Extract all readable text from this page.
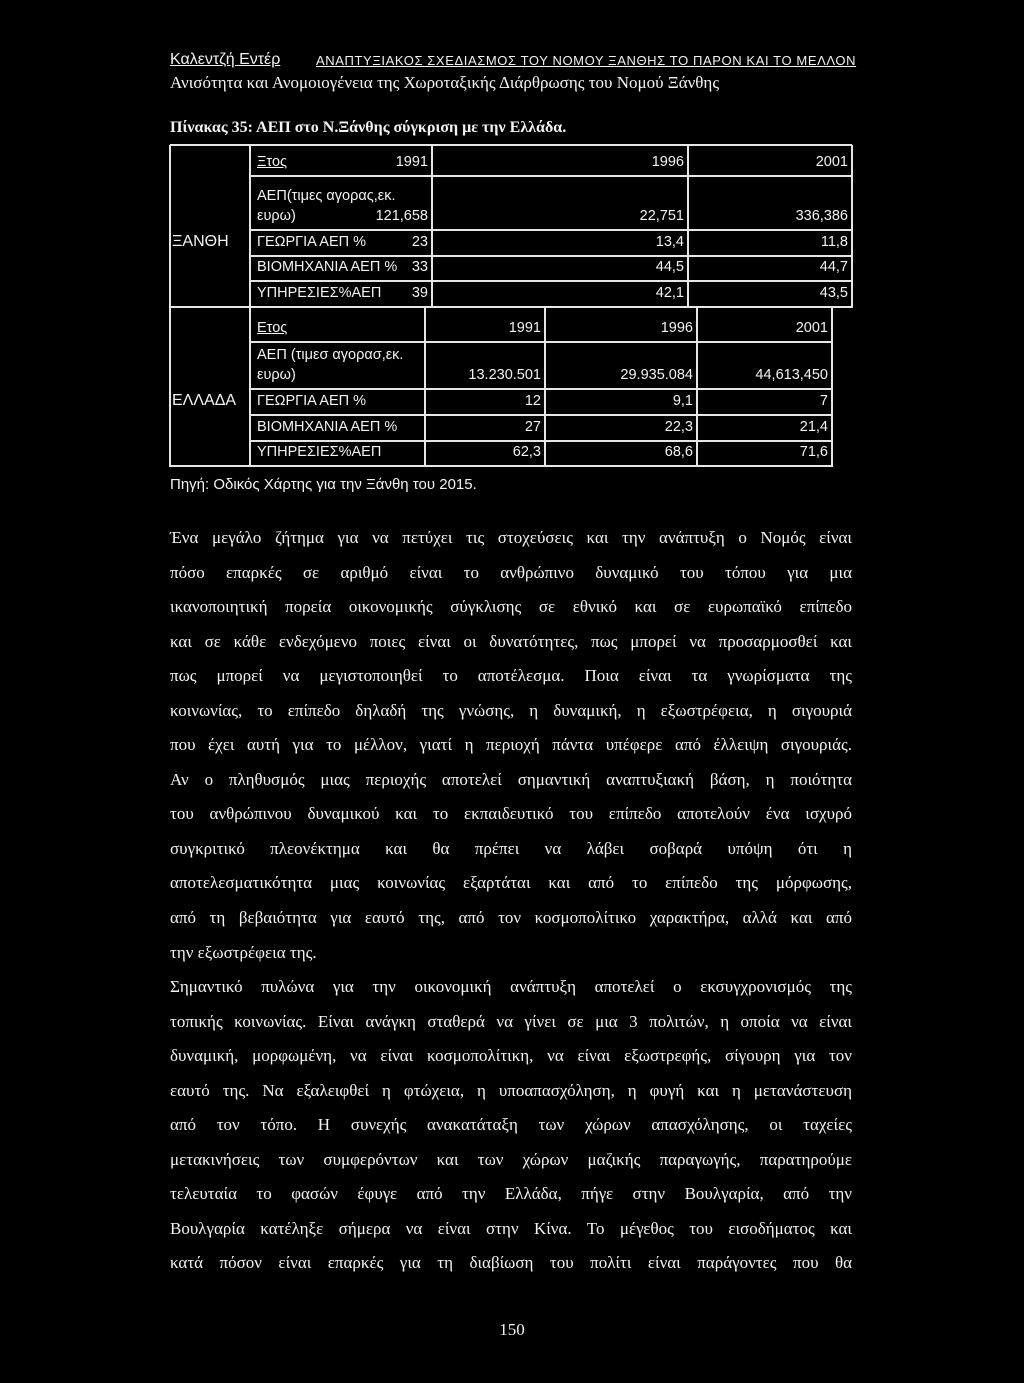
Καλεντζή Εντέρ	ΑΝΑΠΤΥΞΙΑΚΟΣ ΣΧΕΔΙΑΣΜΟΣ ΤΟΥ ΝΟΜΟΥ ΞΑΝΘΗΣ ΤΟ ΠΑΡΟΝ ΚΑΙ ΤΟ ΜΕΛΛΟΝ
Ανισότητα και Ανομοιογένεια της Χωροταξικής Διάρθρωσης του Νομού Ξάνθης
Πίνακας 35: ΑΕΠ στο Ν.Ξάνθης σύγκριση με την Ελλάδα.
ΞΑΝΘΗ
Ξτος	1991	1996	2001
ΑΕΠ(τιμες αγορας,εκ.
ευρω)	121,658	22,751	336,386
ΓΕΩΡΓΙΑ ΑΕΠ %	23	13,4	11,8
ΒΙΟΜΗΧΑΝΙΑ ΑΕΠ % 33	44,5	44,7
ΥΠΗΡΕΣΙΕΣ%ΑΕΠ 39	42,1	43,5
ΕΛΛΑΔΑ
Ετος	1991	1996	2001
ΑΕΠ (τιμεσ αγορασ,εκ.
ευρω)	13.230.501	29.935.084	44,613,450
ΓΕΩΡΓΙΑ ΑΕΠ %	12	9,1	7
ΒΙΟΜΗΧΑΝΙΑ ΑΕΠ %	27	22,3	21,4
ΥΠΗΡΕΣΙΕΣ%ΑΕΠ	62,3	68,6	71,6
Πηγή: Οδικός Χάρτης για την Ξάνθη του 2015.
Ένα μεγάλο ζήτημα για να πετύχει τις στοχεύσεις και την ανάπτυξη ο Νομός είναι
πόσο επαρκές σε αριθμό είναι το ανθρώπινο δυναμικό του τόπου για μια
ικανοποιητική πορεία οικονομικής σύγκλισης σε εθνικό και σε ευρωπαϊκό επίπεδο
και σε κάθε ενδεχόμενο ποιες είναι οι δυνατότητες, πως μπορεί να προσαρμοσθεί και
πως μπορεί να μεγιστοποιηθεί το αποτέλεσμα. Ποια είναι τα γνωρίσματα της
κοινωνίας, το επίπεδο δηλαδή της γνώσης, η δυναμική, η εξωστρέφεια, η σιγουριά
που έχει αυτή για το μέλλον, γιατί η περιοχή πάντα υπέφερε από έλλειψη σιγουριάς.
Αν ο πληθυσμός μιας περιοχής αποτελεί σημαντική αναπτυξιακή βάση, η ποιότητα
του ανθρώπινου δυναμικού και το εκπαιδευτικό του επίπεδο αποτελούν ένα ισχυρό
συγκριτικό πλεονέκτημα και θα πρέπει να λάβει σοβαρά υπόψη ότι η
αποτελεσματικότητα μιας κοινωνίας εξαρτάται και από το επίπεδο της μόρφωσης,
από τη βεβαιότητα για εαυτό της, από τον κοσμοπολίτικο χαρακτήρα, αλλά και από
την εξωστρέφεια της.
Σημαντικό πυλώνα για την οικονομική ανάπτυξη αποτελεί ο εκσυγχρονισμός της
τοπικής κοινωνίας. Είναι ανάγκη σταθερά να γίνει σε μια 3 πολιτών, η οποία να είναι
δυναμική, μορφωμένη, να είναι κοσμοπολίτικη, να είναι εξωστρεφής, σίγουρη για τον
εαυτό της. Να εξαλειφθεί η φτώχεια, η υποαπασχόληση, η φυγή και η μετανάστευση
από τον τόπο. Η συνεχής ανακατάταξη των χώρων απασχόλησης, οι ταχείες
μετακινήσεις των συμφερόντων και των χώρων μαζικής παραγωγής, παρατηρούμε
τελευταία το φασών έφυγε από την Ελλάδα, πήγε στην Βουλγαρία, από την
Βουλγαρία κατέληξε σήμερα να είναι στην Κίνα. Το μέγεθος του εισοδήματος και
κατά πόσον είναι επαρκές για τη διαβίωση του πολίτι είναι παράγοντες που θα
150
